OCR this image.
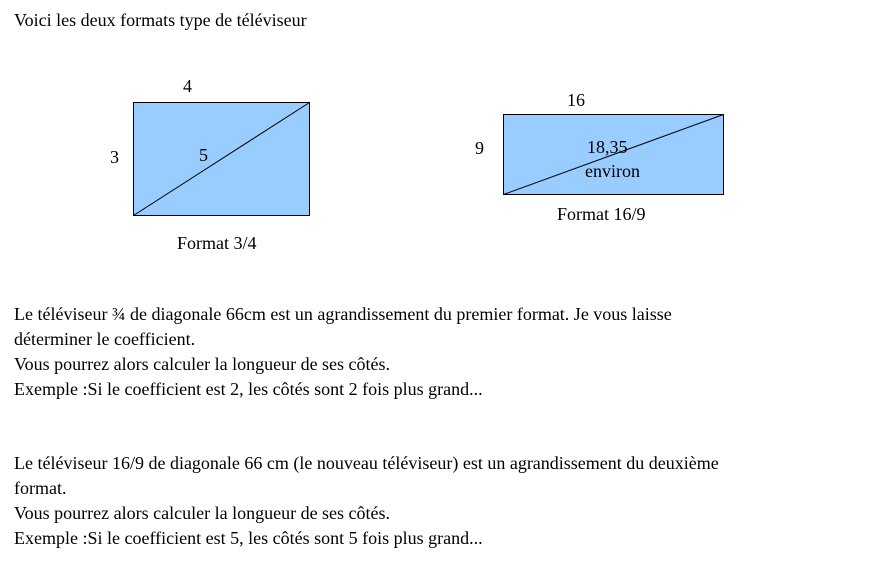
Voici les deux formats type de téléviseur
4
3	5
Format 3/4
16
9	18,35
environ
Format 16/9
Le téléviseur ¾ de diagonale 66cm est un agrandissement du premier format. Je vous laisse
déterminer le coefficient.
Vous pourrez alors calculer la longueur de ses côtés.
Exemple :Si le coefficient est 2, les côtés sont 2 fois plus grand...
Le téléviseur 16/9 de diagonale 66 cm (le nouveau téléviseur) est un agrandissement du deuxième
format.
Vous pourrez alors calculer la longueur de ses côtés.
Exemple :Si le coefficient est 5, les côtés sont 5 fois plus grand...
